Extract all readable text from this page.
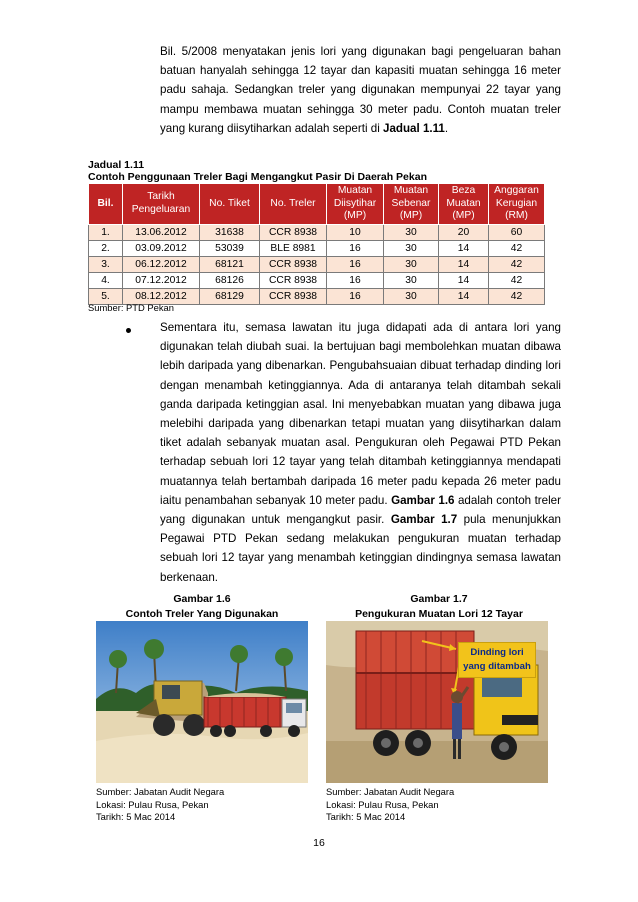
Bil. 5/2008 menyatakan jenis lori yang digunakan bagi pengeluaran bahan batuan hanyalah sehingga 12 tayar dan kapasiti muatan sehingga 16 meter padu sahaja. Sedangkan treler yang digunakan mempunyai 22 tayar yang mampu membawa muatan sehingga 30 meter padu. Contoh muatan treler yang kurang diisytiharkan adalah seperti di Jadual 1.11.
Jadual 1.11
Contoh Penggunaan Treler Bagi Mengangkut Pasir Di Daerah Pekan
Bil.	Tarikh Pengeluaran	No. Tiket	No. Treler	Muatan Diisytihar (MP)	Muatan Sebenar (MP)	Beza Muatan (MP)	Anggaran Kerugian (RM)
1.	13.06.2012	31638	CCR 8938	10	30	20	60
2.	03.09.2012	53039	BLE 8981	16	30	14	42
3.	06.12.2012	68121	CCR 8938	16	30	14	42
4.	07.12.2012	68126	CCR 8938	16	30	14	42
5.	08.12.2012	68129	CCR 8938	16	30	14	42
Sumber: PTD Pekan
Sementara itu, semasa lawatan itu juga didapati ada di antara lori yang digunakan telah diubah suai. Ia bertujuan bagi membolehkan muatan dibawa lebih daripada yang dibenarkan. Pengubahsuaian dibuat terhadap dinding lori dengan menambah ketinggiannya. Ada di antaranya telah ditambah sekali ganda daripada ketinggian asal. Ini menyebabkan muatan yang dibawa juga melebihi daripada yang dibenarkan tetapi muatan yang diisytiharkan dalam tiket adalah sebanyak muatan asal. Pengukuran oleh Pegawai PTD Pekan terhadap sebuah lori 12 tayar yang telah ditambah ketinggiannya mendapati muatannya telah bertambah daripada 16 meter padu kepada 26 meter padu iaitu penambahan sebanyak 10 meter padu. Gambar 1.6 adalah contoh treler yang digunakan untuk mengangkut pasir. Gambar 1.7 pula menunjukkan Pegawai PTD Pekan sedang melakukan pengukuran muatan terhadap sebuah lori 12 tayar yang menambah ketinggian dindingnya semasa lawatan berkenaan.
Gambar 1.6
Contoh Treler Yang Digunakan
Gambar 1.7
Pengukuran Muatan Lori 12 Tayar
Dinding lori
yang ditambah
Sumber: Jabatan Audit Negara
Lokasi: Pulau Rusa, Pekan
Tarikh: 5 Mac 2014
Sumber: Jabatan Audit Negara
Lokasi: Pulau Rusa, Pekan
Tarikh: 5 Mac 2014
16
